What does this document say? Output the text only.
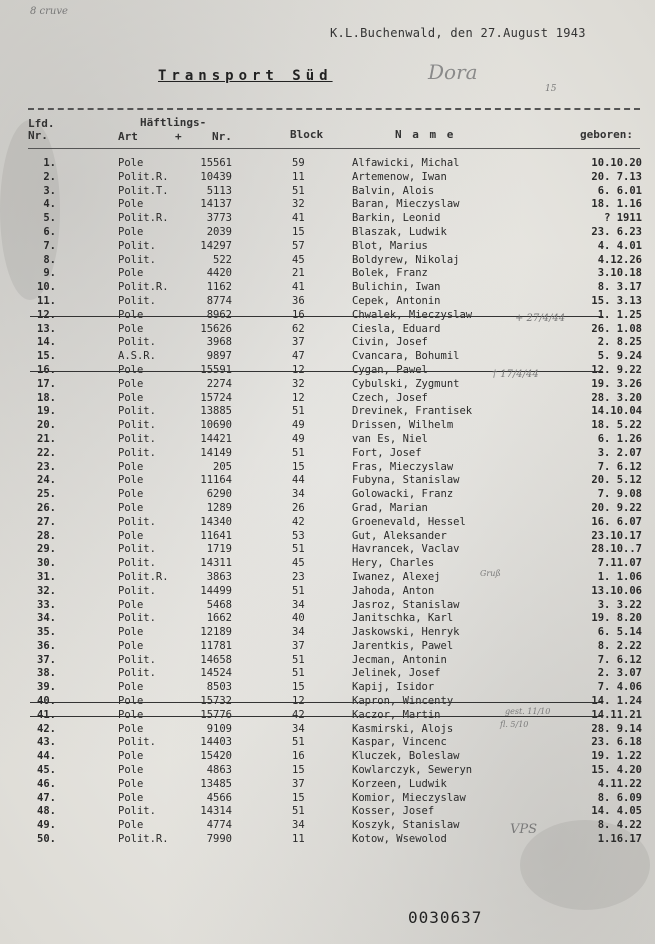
8 cruve
K.L.Buchenwald, den 27.August 1943
Transport Süd	Dora
15
Lfd.
Nr.
Häftlings-
Art	+	Nr.	Block	N a m e	geboren:
1.	Pole	15561	59	Alfawicki, Michal	10.10.20
2.	Polit.R.	10439	11	Artemenow, Iwan	20. 7.13
3.	Polit.T.	5113	51	Balvin, Alois	6. 6.01
4.	Pole	14137	32	Baran, Mieczyslaw	18. 1.16
5.	Polit.R.	3773	41	Barkin, Leonid	? 1911
6.	Pole	2039	15	Blaszak, Ludwik	23. 6.23
7.	Polit.	14297	57	Blot, Marius	4. 4.01
8.	Polit.	522	45	Boldyrew, Nikolaj	4.12.26
9.	Pole	4420	21	Bolek, Franz	3.10.18
10.	Polit.R.	1162	41	Bulichin, Iwan	8. 3.17
11.	Polit.	8774	36	Cepek, Antonin	15. 3.13
12.	Pole	8962	16	Chwalek, Mieczyslaw	1. 1.25
13.	Pole	15626	62	Ciesla, Eduard	26. 1.08
14.	Polit.	3968	37	Civin, Josef	2. 8.25
15.	A.S.R.	9897	47	Cvancara, Bohumil	5. 9.24
16.	Pole	15591	12	Cygan, Pawel	12. 9.22
17.	Pole	2274	32	Cybulski, Zygmunt	19. 3.26
18.	Pole	15724	12	Czech, Josef	28. 3.20
19.	Polit.	13885	51	Drevinek, Frantisek	14.10.04
20.	Polit.	10690	49	Drissen, Wilhelm	18. 5.22
21.	Polit.	14421	49	van Es, Niel	6. 1.26
22.	Polit.	14149	51	Fort, Josef	3. 2.07
23.	Pole	205	15	Fras, Mieczyslaw	7. 6.12
24.	Pole	11164	44	Fubyna, Stanislaw	20. 5.12
25.	Pole	6290	34	Golowacki, Franz	7. 9.08
26.	Pole	1289	26	Grad, Marian	20. 9.22
27.	Polit.	14340	42	Groenevald, Hessel	16. 6.07
28.	Pole	11641	53	Gut, Aleksander	23.10.17
29.	Polit.	1719	51	Havrancek, Vaclav	28.10..7
30.	Polit.	14311	45	Hery, Charles	7.11.07
31.	Polit.R.	3863	23	Iwanez, Alexej	1. 1.06
32.	Polit.	14499	51	Jahoda, Anton	13.10.06
33.	Pole	5468	34	Jasroz, Stanislaw	3. 3.22
34.	Polit.	1662	40	Janitschka, Karl	19. 8.20
35.	Pole	12189	34	Jaskowski, Henryk	6. 5.14
36.	Pole	11781	37	Jarentkis, Pawel	8. 2.22
37.	Polit.	14658	51	Jecman, Antonin	7. 6.12
38.	Polit.	14524	51	Jelinek, Josef	2. 3.07
39.	Pole	8503	15	Kapij, Isidor	7. 4.06
40.	Pole	15732	12	Kapron, Wincenty	14. 1.24
41.	Pole	15776	42	Kaczor, Martin	14.11.21
42.	Pole	9109	34	Kasmirski, Alojs	28. 9.14
43.	Polit.	14403	51	Kaspar, Vincenc	23. 6.18
44.	Pole	15420	16	Kluczek, Boleslaw	19. 1.22
45.	Pole	4863	15	Kowlarczyk, Seweryn	15. 4.20
46.	Pole	13485	37	Korzeen, Ludwik	4.11.22
47.	Pole	4566	15	Komior, Mieczyslaw	8. 6.09
48.	Polit.	14314	51	Kosser, Josef	14. 4.05
49.	Pole	4774	34	Koszyk, Stanislaw	8. 4.22
50.	Polit.R.	7990	11	Kotow, Wsewolod	1.16.17
+ 27/4/44
† 17/4/44
Gruß
gest. 11/10
fl. 5/10
VPS
0030637
